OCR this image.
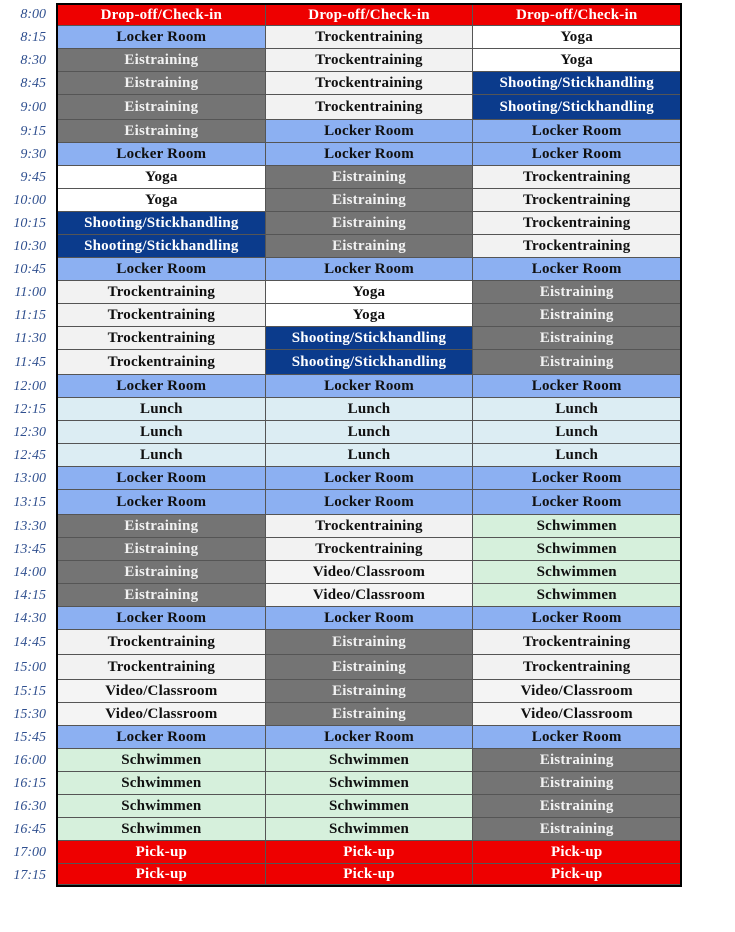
8:00	Drop-off/Check-in	Drop-off/Check-in	Drop-off/Check-in
8:15	Locker Room	Trockentraining	Yoga
8:30	Eistraining	Trockentraining	Yoga
8:45	Eistraining	Trockentraining	Shooting/Stickhandling
9:00	Eistraining	Trockentraining	Shooting/Stickhandling
9:15	Eistraining	Locker Room	Locker Room
9:30	Locker Room	Locker Room	Locker Room
9:45	Yoga	Eistraining	Trockentraining
10:00	Yoga	Eistraining	Trockentraining
10:15	Shooting/Stickhandling	Eistraining	Trockentraining
10:30	Shooting/Stickhandling	Eistraining	Trockentraining
10:45	Locker Room	Locker Room	Locker Room
11:00	Trockentraining	Yoga	Eistraining
11:15	Trockentraining	Yoga	Eistraining
11:30	Trockentraining	Shooting/Stickhandling	Eistraining
11:45	Trockentraining	Shooting/Stickhandling	Eistraining
12:00	Locker Room	Locker Room	Locker Room
12:15	Lunch	Lunch	Lunch
12:30	Lunch	Lunch	Lunch
12:45	Lunch	Lunch	Lunch
13:00	Locker Room	Locker Room	Locker Room
13:15	Locker Room	Locker Room	Locker Room
13:30	Eistraining	Trockentraining	Schwimmen
13:45	Eistraining	Trockentraining	Schwimmen
14:00	Eistraining	Video/Classroom	Schwimmen
14:15	Eistraining	Video/Classroom	Schwimmen
14:30	Locker Room	Locker Room	Locker Room
14:45	Trockentraining	Eistraining	Trockentraining
15:00	Trockentraining	Eistraining	Trockentraining
15:15	Video/Classroom	Eistraining	Video/Classroom
15:30	Video/Classroom	Eistraining	Video/Classroom
15:45	Locker Room	Locker Room	Locker Room
16:00	Schwimmen	Schwimmen	Eistraining
16:15	Schwimmen	Schwimmen	Eistraining
16:30	Schwimmen	Schwimmen	Eistraining
16:45	Schwimmen	Schwimmen	Eistraining
17:00	Pick-up	Pick-up	Pick-up
17:15	Pick-up	Pick-up	Pick-up
